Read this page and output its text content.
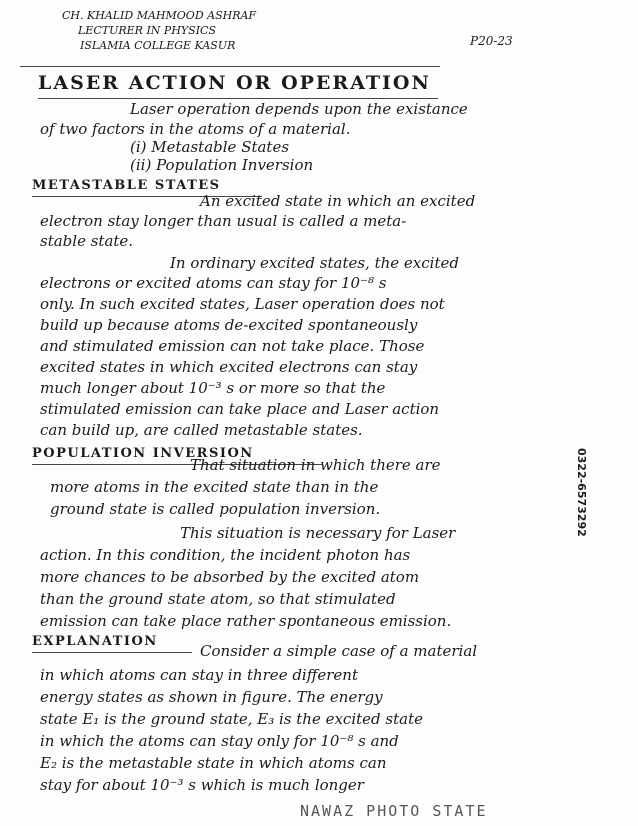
CH. KHALID MAHMOOD ASHRAF
LECTURER IN PHYSICS
ISLAMIA COLLEGE KASUR	P20-23
LASER ACTION OR OPERATION
Laser operation depends upon the existance
of two factors in the atoms of a material.
(i) Metastable States
(ii) Population Inversion
METASTABLE STATES
An excited state in which an excited
electron stay longer than usual is called a meta-
stable state.
In ordinary excited states, the excited
electrons or excited atoms can stay for 10⁻⁸ s
only. In such excited states, Laser operation does not
build up because atoms de-excited spontaneously
and stimulated emission can not take place. Those
excited states in which excited electrons can stay
much longer about 10⁻³ s or more so that the
stimulated emission can take place and Laser action
can build up, are called metastable states.
POPULATION INVERSION
That situation in which there are
more atoms in the excited state than in the
ground state is called population inversion.
This situation is necessary for Laser
action. In this condition, the incident photon has
more chances to be absorbed by the excited atom
than the ground state atom, so that stimulated
emission can take place rather spontaneous emission.
EXPLANATION
Consider a simple case of a material
in which atoms can stay in three different
energy states as shown in figure. The energy
state E₁ is the ground state, E₃ is the excited state
in which the atoms can stay only for 10⁻⁸ s and
E₂ is the metastable state in which atoms can
stay for about 10⁻³ s which is much longer
0322-6573292
NAWAZ PHOTO STATE
